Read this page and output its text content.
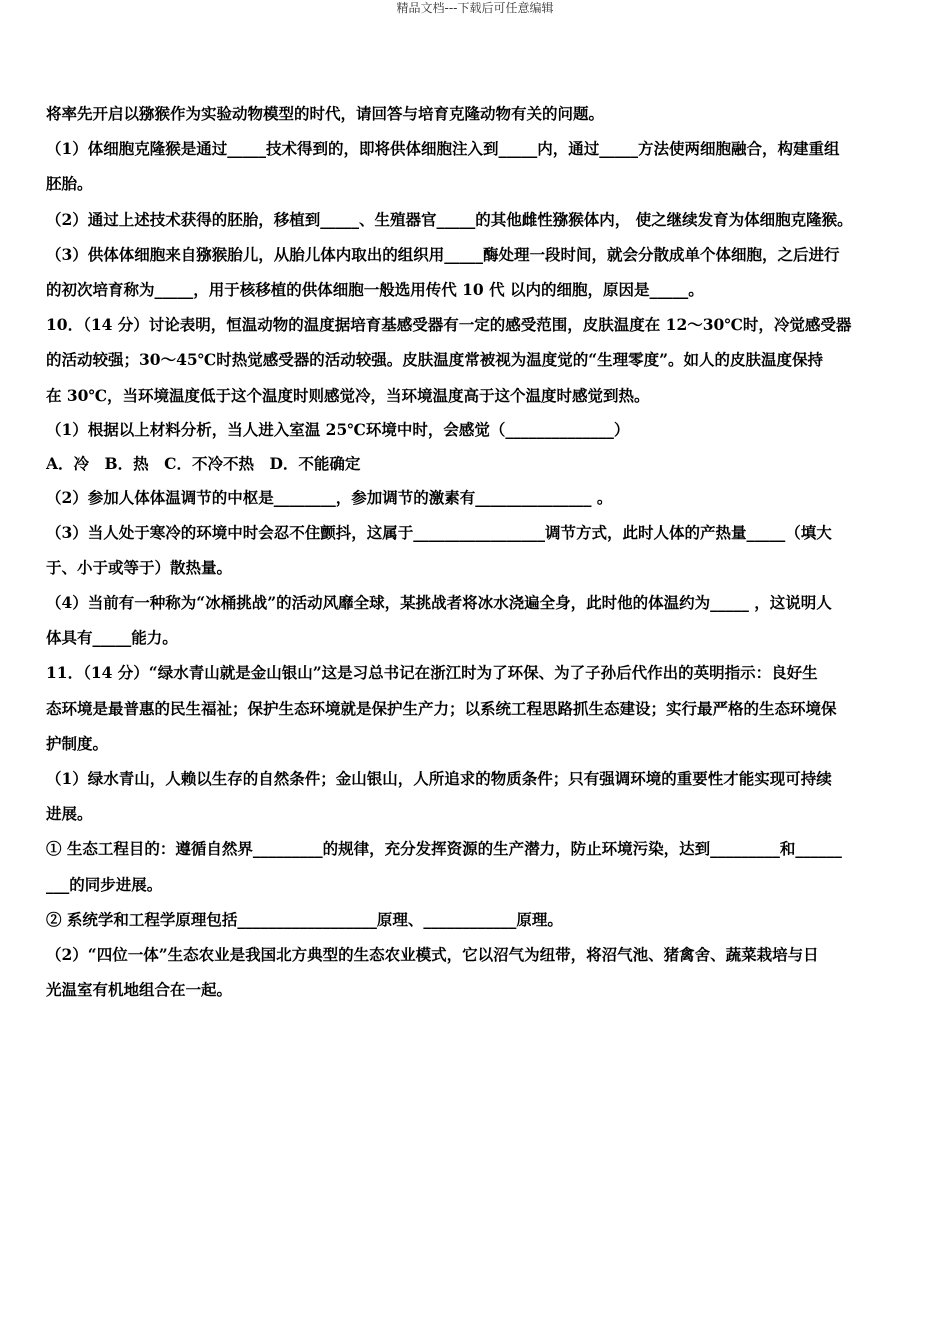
精品文档---下载后可任意编辑
将率先开启以猕猴作为实验动物模型的时代，请回答与培育克隆动物有关的问题。
（1）体细胞克隆猴是通过_____技术得到的，即将供体细胞注入到_____内，通过_____方法使两细胞融合，构建重组
胚胎。
（2）通过上述技术获得的胚胎，移植到_____、生殖器官_____的其他雌性猕猴体内， 使之继续发育为体细胞克隆猴。
（3）供体体细胞来自猕猴胎儿，从胎儿体内取出的组织用_____酶处理一段时间，就会分散成单个体细胞，之后进行
的初次培育称为_____，用于核移植的供体细胞一般选用传代 10 代 以内的细胞，原因是_____。
10．（14 分）讨论表明，恒温动物的温度据培育基感受器有一定的感受范围，皮肤温度在 12～30℃时，冷觉感受器
的活动较强；30～45℃时热觉感受器的活动较强。皮肤温度常被视为温度觉的“生理零度”。如人的皮肤温度保持
在 30℃，当环境温度低于这个温度时则感觉冷，当环境温度高于这个温度时感觉到热。
（1）根据以上材料分析，当人进入室温 25℃环境中时，会感觉（______________）
A．冷　B．热　C．不冷不热　D．不能确定
（2）参加人体体温调节的中枢是________，参加调节的激素有_______________ 。
（3）当人处于寒冷的环境中时会忍不住颤抖，这属于_________________调节方式，此时人体的产热量_____（填大
于、小于或等于）散热量。
（4）当前有一种称为“冰桶挑战”的活动风靡全球，某挑战者将冰水浇遍全身，此时他的体温约为_____ ，这说明人
体具有_____能力。
11．（14 分）“绿水青山就是金山银山”这是习总书记在浙江时为了环保、为了子孙后代作出的英明指示：良好生
态环境是最普惠的民生福祉；保护生态环境就是保护生产力；以系统工程思路抓生态建设；实行最严格的生态环境保
护制度。
（1）绿水青山，人赖以生存的自然条件；金山银山，人所追求的物质条件；只有强调环境的重要性才能实现可持续
进展。
① 生态工程目的：遵循自然界_________的规律，充分发挥资源的生产潜力，防止环境污染，达到_________和______
___的同步进展。
② 系统学和工程学原理包括__________________原理、____________原理。
（2）“四位一体”生态农业是我国北方典型的生态农业模式，它以沼气为纽带，将沼气池、猪禽舍、蔬菜栽培与日
光温室有机地组合在一起。
